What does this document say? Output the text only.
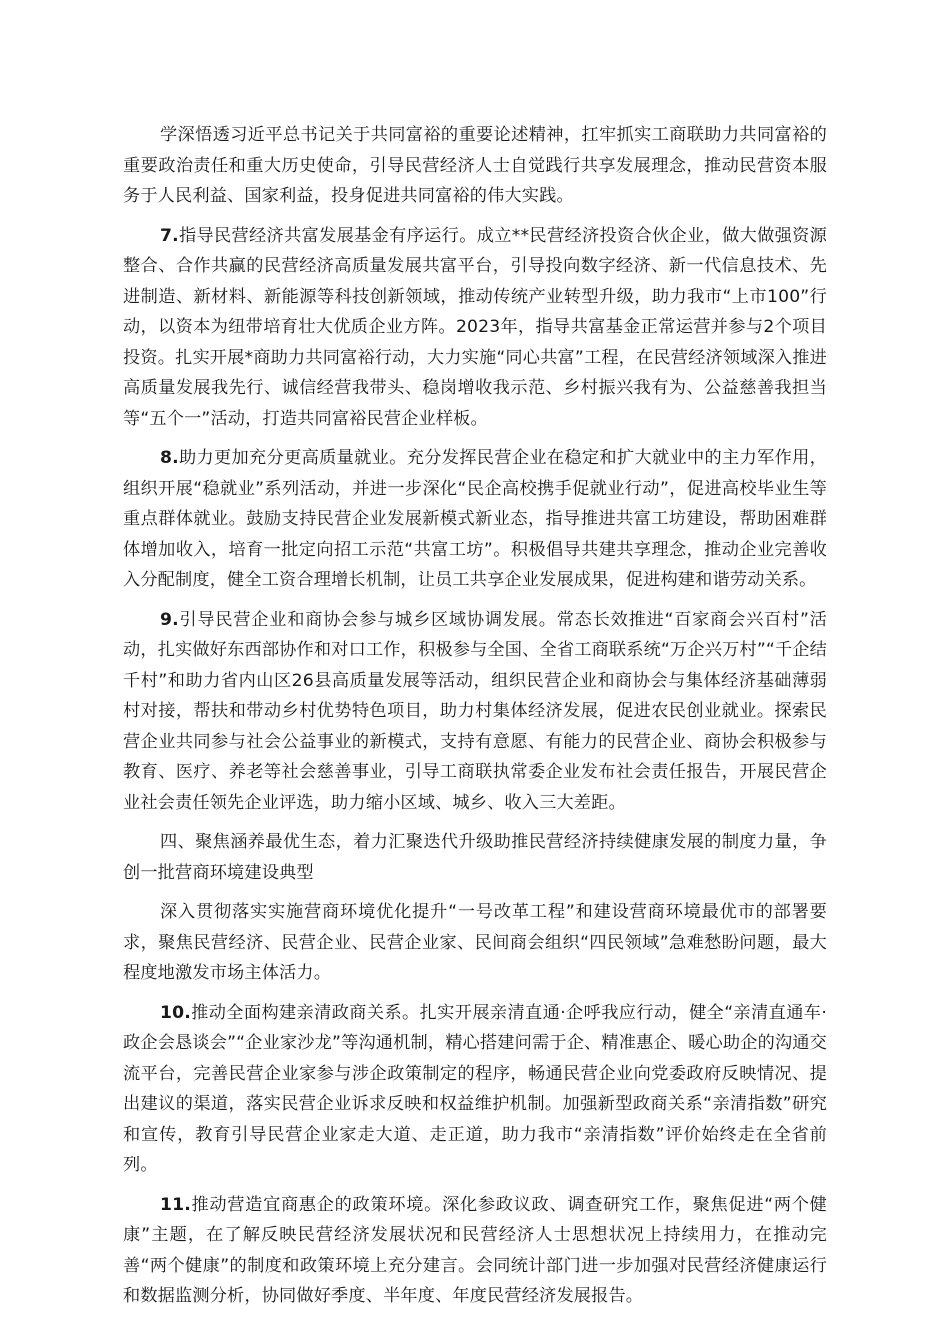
学深悟透习近平总书记关于共同富裕的重要论述精神，扛牢抓实工商联助力共同富裕的重要政治责任和重大历史使命，引导民营经济人士自觉践行共享发展理念，推动民营资本服务于人民利益、国家利益，投身促进共同富裕的伟大实践。

7.指导民营经济共富发展基金有序运行。成立**民营经济投资合伙企业，做大做强资源整合、合作共赢的民营经济高质量发展共富平台，引导投向数字经济、新一代信息技术、先进制造、新材料、新能源等科技创新领域，推动传统产业转型升级，助力我市“上市100”行动，以资本为纽带培育壮大优质企业方阵。2023年，指导共富基金正常运营并参与2个项目投资。扎实开展*商助力共同富裕行动，大力实施“同心共富”工程，在民营经济领域深入推进高质量发展我先行、诚信经营我带头、稳岗增收我示范、乡村振兴我有为、公益慈善我担当等“五个一”活动，打造共同富裕民营企业样板。

8.助力更加充分更高质量就业。充分发挥民营企业在稳定和扩大就业中的主力军作用，组织开展“稳就业”系列活动，并进一步深化“民企高校携手促就业行动”，促进高校毕业生等重点群体就业。鼓励支持民营企业发展新模式新业态，指导推进共富工坊建设，帮助困难群体增加收入，培育一批定向招工示范“共富工坊”。积极倡导共建共享理念，推动企业完善收入分配制度，健全工资合理增长机制，让员工共享企业发展成果，促进构建和谐劳动关系。

9.引导民营企业和商协会参与城乡区域协调发展。常态长效推进“百家商会兴百村”活动，扎实做好东西部协作和对口工作，积极参与全国、全省工商联系统“万企兴万村”“千企结千村”和助力省内山区26县高质量发展等活动，组织民营企业和商协会与集体经济基础薄弱村对接，帮扶和带动乡村优势特色项目，助力村集体经济发展，促进农民创业就业。探索民营企业共同参与社会公益事业的新模式，支持有意愿、有能力的民营企业、商协会积极参与教育、医疗、养老等社会慈善事业，引导工商联执常委企业发布社会责任报告，开展民营企业社会责任领先企业评选，助力缩小区域、城乡、收入三大差距。

四、聚焦涵养最优生态，着力汇聚迭代升级助推民营经济持续健康发展的制度力量，争创一批营商环境建设典型

深入贯彻落实实施营商环境优化提升“一号改革工程”和建设营商环境最优市的部署要求，聚焦民营经济、民营企业、民营企业家、民间商会组织“四民领域”急难愁盼问题，最大程度地激发市场主体活力。

10.推动全面构建亲清政商关系。扎实开展亲清直通·企呼我应行动，健全“亲清直通车·政企会恳谈会”“企业家沙龙”等沟通机制，精心搭建问需于企、精准惠企、暖心助企的沟通交流平台，完善民营企业家参与涉企政策制定的程序，畅通民营企业向党委政府反映情况、提出建议的渠道，落实民营企业诉求反映和权益维护机制。加强新型政商关系“亲清指数”研究和宣传，教育引导民营企业家走大道、走正道，助力我市“亲清指数”评价始终走在全省前列。

11.推动营造宜商惠企的政策环境。深化参政议政、调查研究工作，聚焦促进“两个健康”主题，在了解反映民营经济发展状况和民营经济人士思想状况上持续用力，在推动完善“两个健康”的制度和政策环境上充分建言。会同统计部门进一步加强对民营经济健康运行和数据监测分析，协同做好季度、半年度、年度民营经济发展报告。
